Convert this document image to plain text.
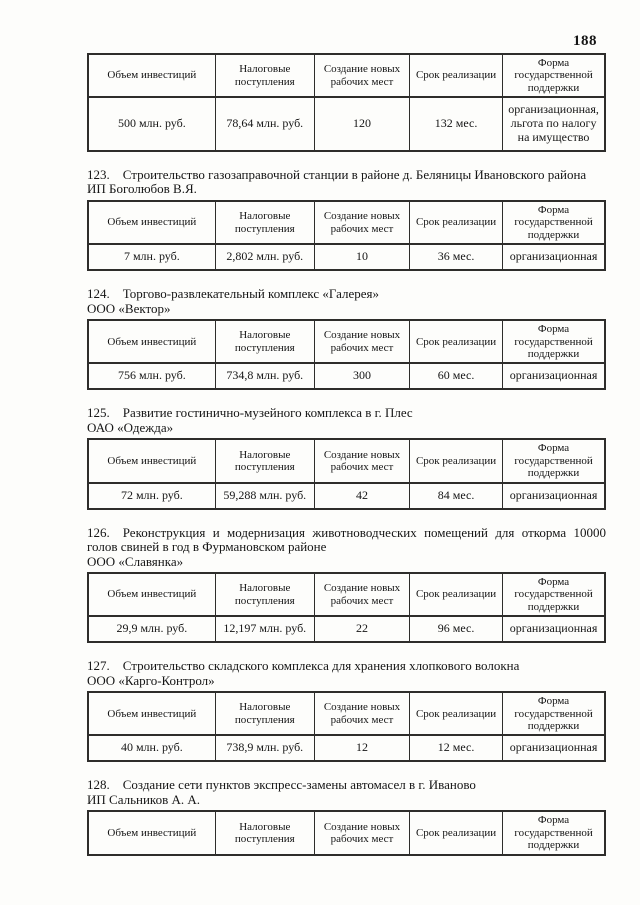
188
Объем инвестиций	Налоговые поступления	Создание новых рабочих мест	Срок реализации	Форма государственной поддержки
500 млн. руб.	78,64 млн. руб.	120	132 мес.	организационная, льгота по налогу на имущество

123. Строительство газозаправочной станции в районе д. Беляницы Ивановского района

ИП Боголюбов В.Я.

Объем инвестиций	Налоговые поступления	Создание новых рабочих мест	Срок реализации	Форма государственной поддержки
7 млн. руб.	2,802 млн. руб.	10	36 мес.	организационная

124. Торгово-развлекательный комплекс «Галерея»

ООО «Вектор»

Объем инвестиций	Налоговые поступления	Создание новых рабочих мест	Срок реализации	Форма государственной поддержки
756 млн. руб.	734,8 млн. руб.	300	60 мес.	организационная

125. Развитие гостинично-музейного комплекса в г. Плес

ОАО «Одежда»

Объем инвестиций	Налоговые поступления	Создание новых рабочих мест	Срок реализации	Форма государственной поддержки
72 млн. руб.	59,288 млн. руб.	42	84 мес.	организационная

126. Реконструкция и модернизация животноводческих помещений для откорма 10000 голов свиней в год в Фурмановском районе

ООО «Славянка»

Объем инвестиций	Налоговые поступления	Создание новых рабочих мест	Срок реализации	Форма государственной поддержки
29,9 млн. руб.	12,197 млн. руб.	22	96 мес.	организационная

127. Строительство складского комплекса для хранения хлопкового волокна

ООО «Карго-Контрол»

Объем инвестиций	Налоговые поступления	Создание новых рабочих мест	Срок реализации	Форма государственной поддержки
40 млн. руб.	738,9 млн. руб.	12	12 мес.	организационная

128. Создание сети пунктов экспресс-замены автомасел в г. Иваново

ИП Сальников А. А.

Объем инвестиций	Налоговые поступления	Создание новых рабочих мест	Срок реализации	Форма государственной поддержки
